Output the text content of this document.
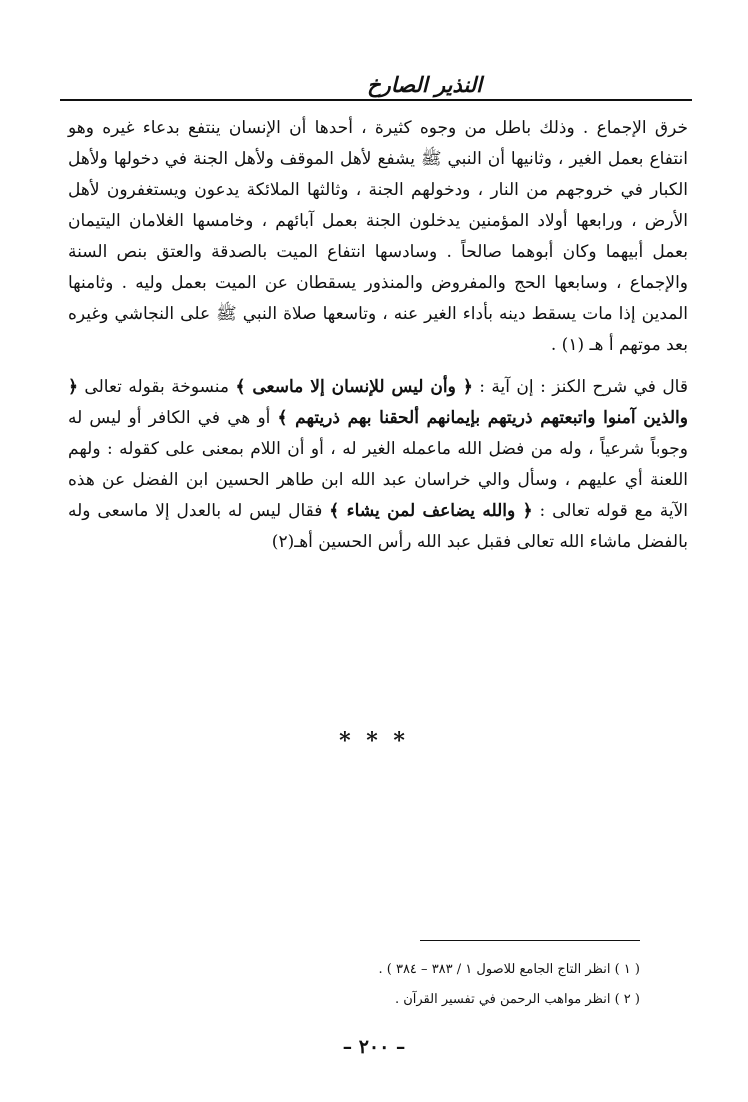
النذير الصارخ

خرق الإجماع . وذلك باطل من وجوه كثيرة ، أحدها أن الإنسان ينتفع بدعاء غيره وهو انتفاع بعمل الغير ، وثانيها أن النبي ﷺ يشفع لأهل الموقف ولأهل الجنة في دخولها ولأهل الكبار في خروجهم من النار ، ودخولهم الجنة ، وثالثها الملائكة يدعون ويستغفرون لأهل الأرض ، ورابعها أولاد المؤمنين يدخلون الجنة بعمل آبائهم ، وخامسها الغلامان اليتيمان بعمل أبيهما وكان أبوهما صالحاً . وسادسها انتفاع الميت بالصدقة والعتق بنص السنة والإجماع ، وسابعها الحج والمفروض والمنذور يسقطان عن الميت بعمل وليه . وثامنها المدين إذا مات يسقط دينه بأداء الغير عنه ، وتاسعها صلاة النبي ﷺ على النجاشي وغيره بعد موتهم أ هـ (١) .

قال في شرح الكنز : إن آية : ﴿ وأن ليس للإنسان إلا ماسعى ﴾ منسوخة بقوله تعالى ﴿ والذين آمنوا واتبعتهم ذريتهم بإيمانهم ألحقنا بهم ذريتهم ﴾ أو هي في الكافر أو ليس له وجوباً شرعياً ، وله من فضل الله ماعمله الغير له ، أو أن اللام بمعنى على كقوله : ولهم اللعنة أي عليهم ، وسأل والي خراسان عبد الله ابن طاهر الحسين ابن الفضل عن هذه الآية مع قوله تعالى : ﴿ والله يضاعف لمن يشاء ﴾ فقال ليس له بالعدل إلا ماسعى وله بالفضل ماشاء الله تعالى فقبل عبد الله رأس الحسين أهـ(٢)

* * *

( ١ ) انظر التاج الجامع للاصول ١ / ٣٨٣ – ٣٨٤ ) .

( ٢ ) انظر مواهب الرحمن في تفسير القرآن .

– ٢٠٠ –
